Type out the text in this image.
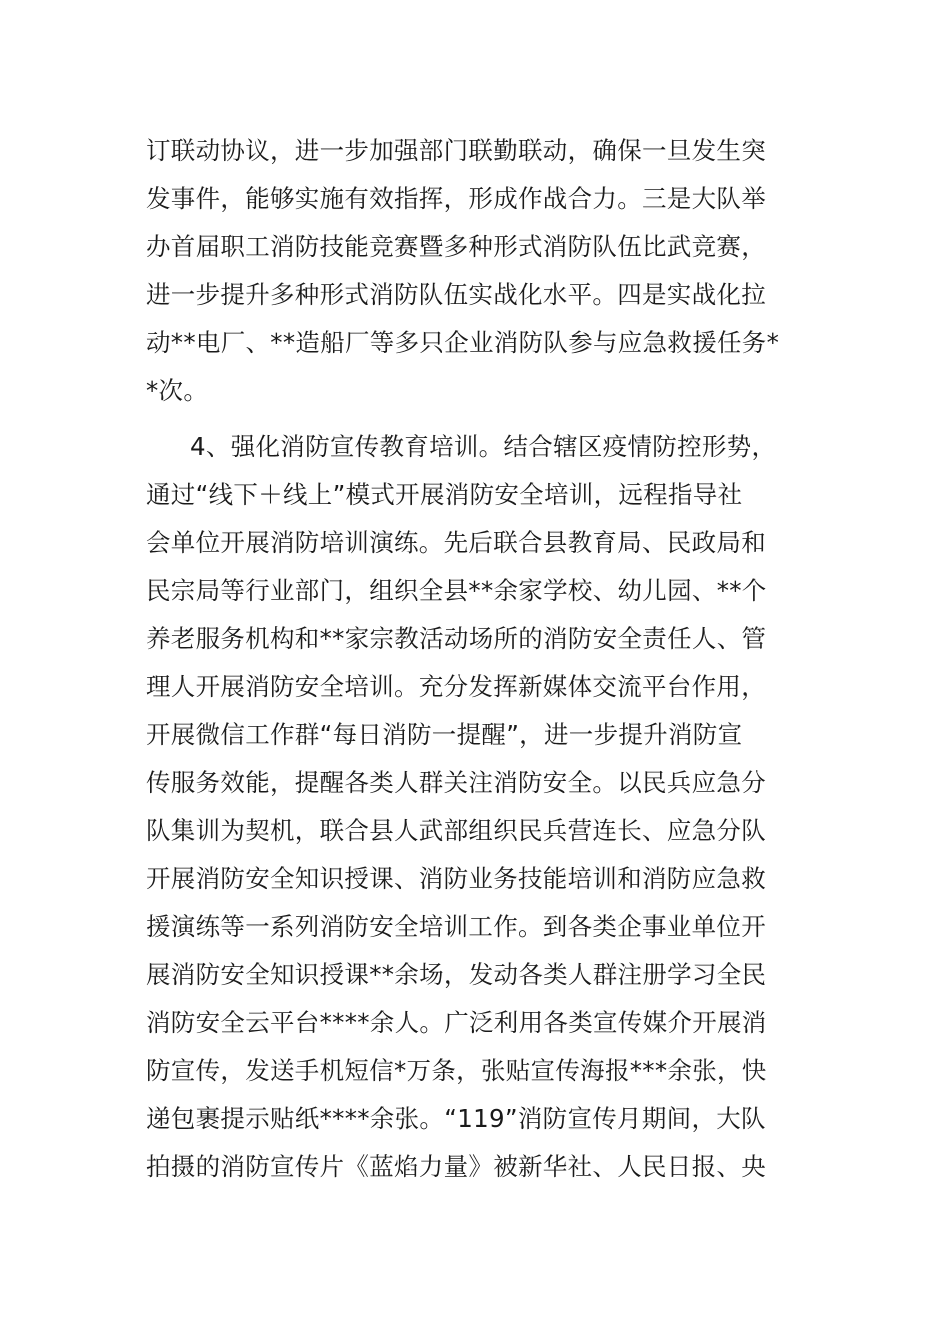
订联动协议，进一步加强部门联勤联动，确保一旦发生突
发事件，能够实施有效指挥，形成作战合力。三是大队举
办首届职工消防技能竞赛暨多种形式消防队伍比武竞赛，
进一步提升多种形式消防队伍实战化水平。四是实战化拉
动**电厂、**造船厂等多只企业消防队参与应急救援任务*
*次。
4、强化消防宣传教育培训。结合辖区疫情防控形势，
通过“线下＋线上”模式开展消防安全培训，远程指导社
会单位开展消防培训演练。先后联合县教育局、民政局和
民宗局等行业部门，组织全县**余家学校、幼儿园、**个
养老服务机构和**家宗教活动场所的消防安全责任人、管
理人开展消防安全培训。充分发挥新媒体交流平台作用，
开展微信工作群“每日消防一提醒”，进一步提升消防宣
传服务效能，提醒各类人群关注消防安全。以民兵应急分
队集训为契机，联合县人武部组织民兵营连长、应急分队
开展消防安全知识授课、消防业务技能培训和消防应急救
援演练等一系列消防安全培训工作。到各类企事业单位开
展消防安全知识授课**余场，发动各类人群注册学习全民
消防安全云平台****余人。广泛利用各类宣传媒介开展消
防宣传，发送手机短信*万条，张贴宣传海报***余张，快
递包裹提示贴纸****余张。“119”消防宣传月期间，大队
拍摄的消防宣传片《蓝焰力量》被新华社、人民日报、央
